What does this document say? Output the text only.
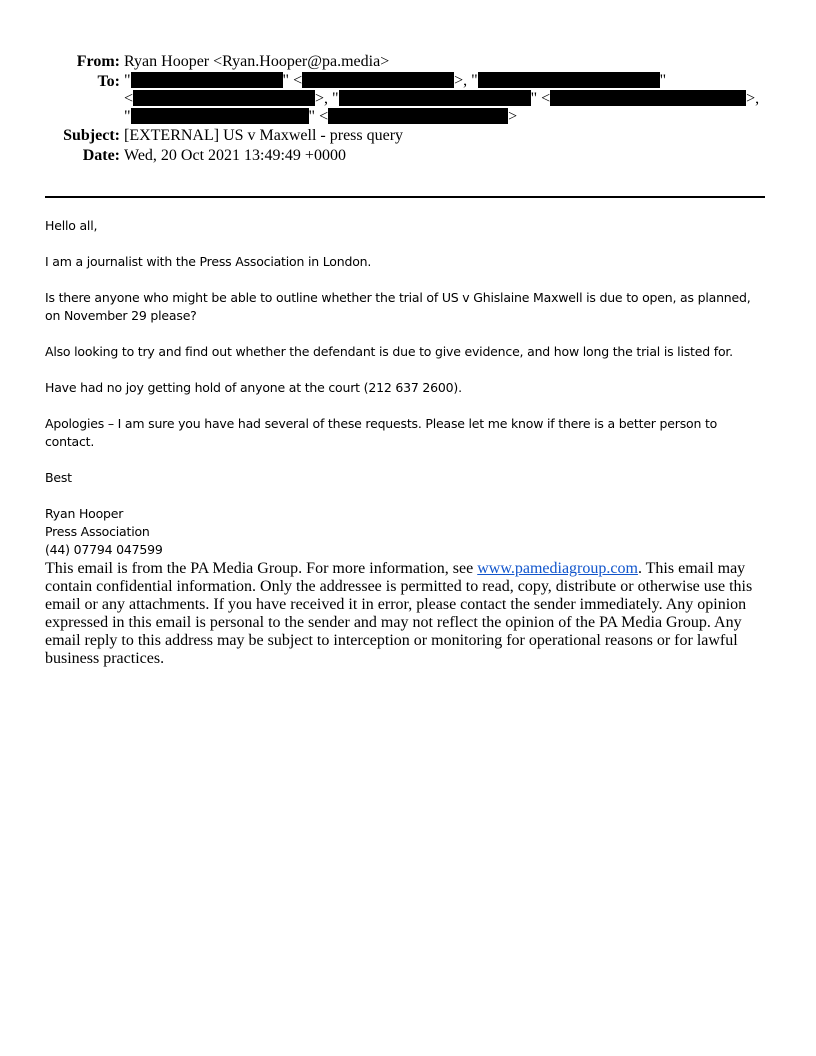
From: Ryan Hooper <Ryan.Hooper@pa.media>
To: "	" <	>, "	"
<	>, "	" <	>,
"	" <	>
Subject: [EXTERNAL] US v Maxwell - press query
Date: Wed, 20 Oct 2021 13:49:49 +0000

Hello all,

I am a journalist with the Press Association in London.

Is there anyone who might be able to outline whether the trial of US v Ghislaine Maxwell is due to open, as planned, on November 29 please?

Also looking to try and find out whether the defendant is due to give evidence, and how long the trial is listed for.

Have had no joy getting hold of anyone at the court (212 637 2600).

Apologies – I am sure you have had several of these requests. Please let me know if there is a better person to contact.

Best

Ryan Hooper
Press Association
(44) 07794 047599
This email is from the PA Media Group. For more information, see www.pamediagroup.com. This email may contain confidential information. Only the addressee is permitted to read, copy, distribute or otherwise use this email or any attachments. If you have received it in error, please contact the sender immediately. Any opinion expressed in this email is personal to the sender and may not reflect the opinion of the PA Media Group. Any email reply to this address may be subject to interception or monitoring for operational reasons or for lawful business practices.
